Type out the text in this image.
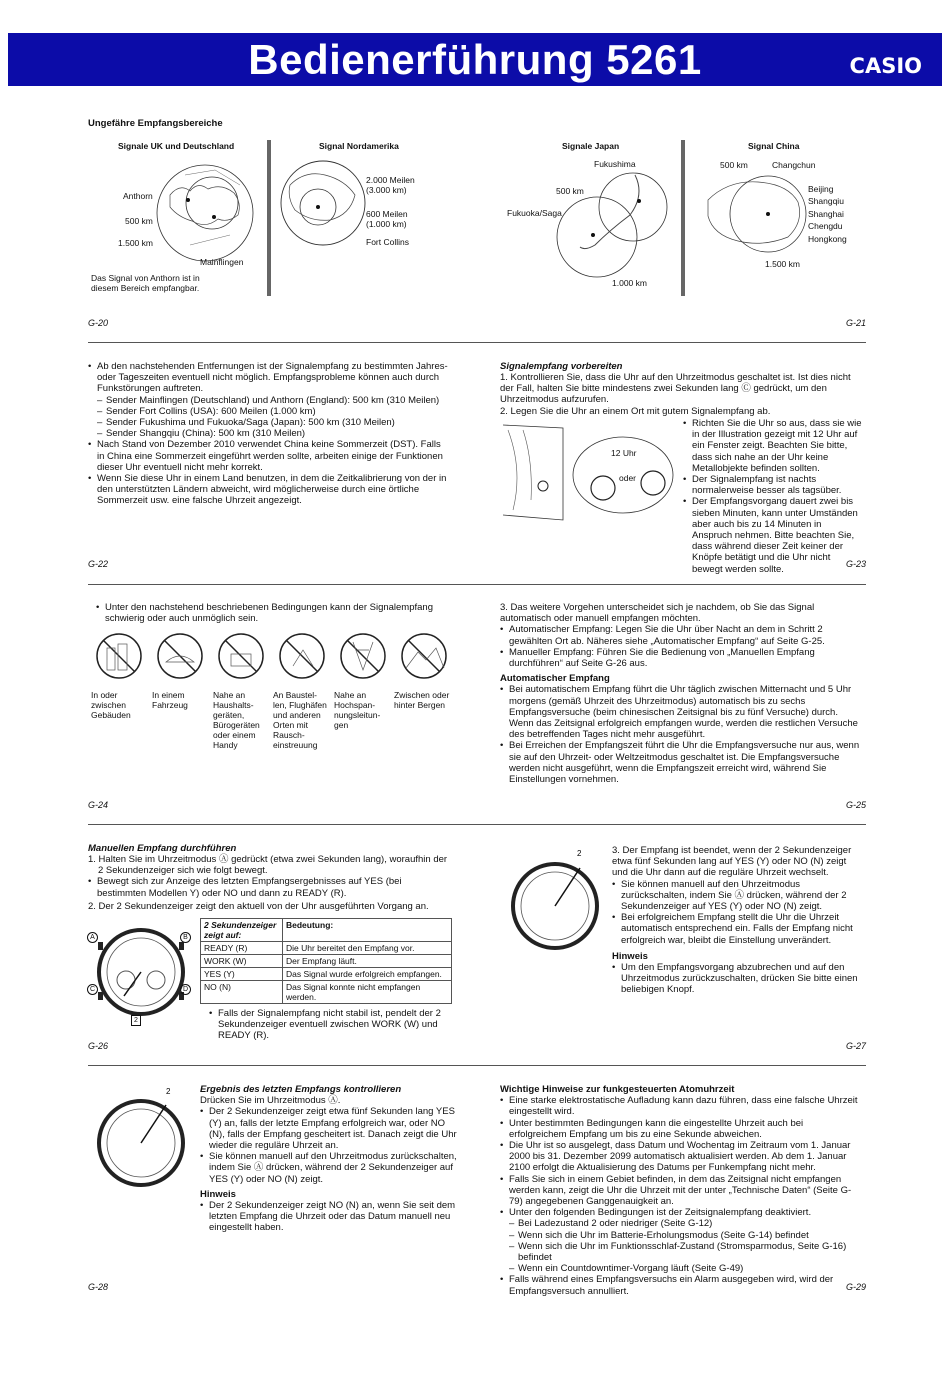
Bedienerführung 5261	CASIO
Ungefähre Empfangsbereiche
Signale UK und Deutschland
Anthorn
500 km
1.500 km
Mainflingen
Das Signal von Anthorn ist in diesem Bereich empfangbar.
Signal Nordamerika
2.000 Meilen (3.000 km)
600 Meilen (1.000 km)
Fort Collins
Signale Japan
Fukushima
500 km
Fukuoka/Saga
1.000 km
Signal China
500 km	Changchun
Beijing
Shangqiu
Shanghai
Chengdu
Hongkong
1.500 km
G-20	G-21
• Ab den nachstehenden Entfernungen ist der Signalempfang zu bestimmten Jahres- oder Tageszeiten eventuell nicht möglich. Empfangsprobleme können auch durch Funkstörungen auftreten.
– Sender Mainflingen (Deutschland) und Anthorn (England): 500 km (310 Meilen)
– Sender Fort Collins (USA): 600 Meilen (1.000 km)
– Sender Fukushima und Fukuoka/Saga (Japan): 500 km (310 Meilen)
– Sender Shangqiu (China): 500 km (310 Meilen)
• Nach Stand von Dezember 2010 verwendet China keine Sommerzeit (DST). Falls in China eine Sommerzeit eingeführt werden sollte, arbeiten einige der Funktionen dieser Uhr eventuell nicht mehr korrekt.
• Wenn Sie diese Uhr in einem Land benutzen, in dem die Zeitkalibrierung von der in den unterstützten Ländern abweicht, wird möglicherweise durch eine örtliche Sommerzeit usw. eine falsche Uhrzeit angezeigt.
G-22
Signalempfang vorbereiten
1. Kontrollieren Sie, dass die Uhr auf den Uhrzeitmodus geschaltet ist. Ist dies nicht der Fall, halten Sie bitte mindestens zwei Sekunden lang Ⓒ gedrückt, um den Uhrzeitmodus aufzurufen.
2. Legen Sie die Uhr an einem Ort mit gutem Signalempfang ab.
12 Uhr
oder
• Richten Sie die Uhr so aus, dass sie wie in der Illustration gezeigt mit 12 Uhr auf ein Fenster zeigt. Beachten Sie bitte, dass sich nahe an der Uhr keine Metallobjekte befinden sollten.
• Der Signalempfang ist nachts normalerweise besser als tagsüber.
• Der Empfangsvorgang dauert zwei bis sieben Minuten, kann unter Umständen aber auch bis zu 14 Minuten in Anspruch nehmen. Bitte beachten Sie, dass während dieser Zeit keiner der Knöpfe betätigt und die Uhr nicht bewegt werden sollte.	G-23
• Unter den nachstehend beschriebenen Bedingungen kann der Signalempfang schwierig oder auch unmöglich sein.
In oder zwischen Gebäuden
In einem Fahrzeug
Nahe an Haushalts-geräten, Bürogeräten oder einem Handy
An Baustel-len, Flughäfen und anderen Orten mit Rausch-einstreuung
Nahe an Hochspan-nungsleitun-gen
Zwischen oder hinter Bergen
G-24
3. Das weitere Vorgehen unterscheidet sich je nachdem, ob Sie das Signal automatisch oder manuell empfangen möchten.
• Automatischer Empfang: Legen Sie die Uhr über Nacht an dem in Schritt 2 gewählten Ort ab. Näheres siehe „Automatischer Empfang“ auf Seite G-25.
• Manueller Empfang: Führen Sie die Bedienung von „Manuellen Empfang durchführen“ auf Seite G-26 aus.
Automatischer Empfang
• Bei automatischem Empfang führt die Uhr täglich zwischen Mitternacht und 5 Uhr morgens (gemäß Uhrzeit des Uhrzeitmodus) automatisch bis zu sechs Empfangsversuche (beim chinesischen Zeitsignal bis zu fünf Versuche) durch. Wenn das Zeitsignal erfolgreich empfangen wurde, werden die restlichen Versuche des betreffenden Tages nicht mehr ausgeführt.
• Bei Erreichen der Empfangszeit führt die Uhr die Empfangsversuche nur aus, wenn sie auf den Uhrzeit- oder Weltzeitmodus geschaltet ist. Die Empfangsversuche werden nicht ausgeführt, wenn die Empfangszeit erreicht wird, während Sie Einstellungen vornehmen.
G-25
Manuellen Empfang durchführen
1. Halten Sie im Uhrzeitmodus Ⓐ gedrückt (etwa zwei Sekunden lang), woraufhin der
2 Sekundenzeiger sich wie folgt bewegt.
• Bewegt sich zur Anzeige des letzten Empfangsergebnisses auf YES (bei bestimmten Modellen Y) oder NO und dann zu READY (R).
2. Der 2 Sekundenzeiger zeigt den aktuell von der Uhr ausgeführten Vorgang an.
A	B
C	D
2
2 Sekundenzeiger zeigt auf:	Bedeutung:
READY (R)	Die Uhr bereitet den Empfang vor.
WORK (W)	Der Empfang läuft.
YES (Y)	Das Signal wurde erfolgreich empfangen.
NO (N)	Das Signal konnte nicht empfangen werden.
• Falls der Signalempfang nicht stabil ist, pendelt der 2 Sekundenzeiger eventuell zwischen WORK (W) und READY (R).
G-26
2	3. Der Empfang ist beendet, wenn der 2 Sekundenzeiger etwa fünf Sekunden lang auf YES (Y) oder NO (N) zeigt und die Uhr dann auf die reguläre Uhrzeit wechselt.
• Sie können manuell auf den Uhrzeitmodus zurückschalten, indem Sie Ⓐ drücken, während der 2 Sekundenzeiger auf YES (Y) oder NO (N) zeigt.
• Bei erfolgreichem Empfang stellt die Uhr die Uhrzeit automatisch entsprechend ein. Falls der Empfang nicht erfolgreich war, bleibt die Einstellung unverändert.
Hinweis
• Um den Empfangsvorgang abzubrechen und auf den Uhrzeitmodus zurückzuschalten, drücken Sie bitte einen beliebigen Knopf.
G-27
2	Ergebnis des letzten Empfangs kontrollieren
Drücken Sie im Uhrzeitmodus Ⓐ.
• Der 2 Sekundenzeiger zeigt etwa fünf Sekunden lang YES (Y) an, falls der letzte Empfang erfolgreich war, oder NO (N), falls der Empfang gescheitert ist. Danach zeigt die Uhr wieder die reguläre Uhrzeit an.
• Sie können manuell auf den Uhrzeitmodus zurückschalten, indem Sie Ⓐ drücken, während der 2 Sekundenzeiger auf YES (Y) oder NO (N) zeigt.
Hinweis
• Der 2 Sekundenzeiger zeigt NO (N) an, wenn Sie seit dem letzten Empfang die Uhrzeit oder das Datum manuell neu eingestellt haben.
G-28
Wichtige Hinweise zur funkgesteuerten Atomuhrzeit
• Eine starke elektrostatische Aufladung kann dazu führen, dass eine falsche Uhrzeit eingestellt wird.
• Unter bestimmten Bedingungen kann die eingestellte Uhrzeit auch bei erfolgreichem Empfang um bis zu eine Sekunde abweichen.
• Die Uhr ist so ausgelegt, dass Datum und Wochentag im Zeitraum vom 1. Januar 2000 bis 31. Dezember 2099 automatisch aktualisiert werden. Ab dem 1. Januar 2100 erfolgt die Aktualisierung des Datums per Funkempfang nicht mehr.
• Falls Sie sich in einem Gebiet befinden, in dem das Zeitsignal nicht empfangen werden kann, zeigt die Uhr die Uhrzeit mit der unter „Technische Daten“ (Seite G-79) angegebenen Ganggenauigkeit an.
• Unter den folgenden Bedingungen ist der Zeitsignalempfang deaktiviert.
– Bei Ladezustand 2 oder niedriger (Seite G-12)
– Wenn sich die Uhr im Batterie-Erholungsmodus (Seite G-14) befindet
– Wenn sich die Uhr im Funktionsschlaf-Zustand (Stromsparmodus, Seite G-16) befindet
– Wenn ein Countdowntimer-Vorgang läuft (Seite G-49)
• Falls während eines Empfangsversuchs ein Alarm ausgegeben wird, wird der Empfangsversuch annulliert.	G-29
